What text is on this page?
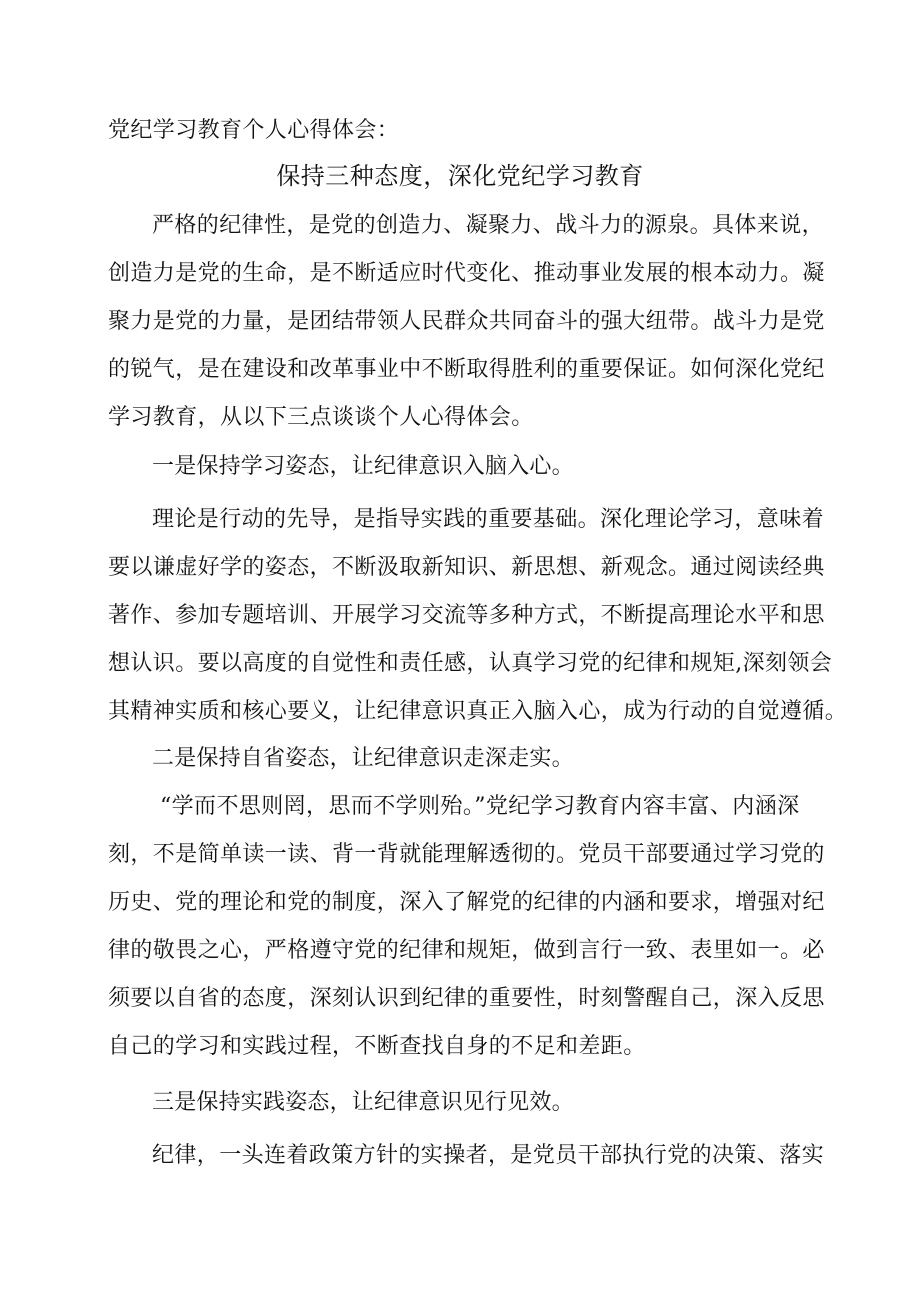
党纪学习教育个人心得体会：
保持三种态度，深化党纪学习教育
严格的纪律性，是党的创造力、凝聚力、战斗力的源泉。具体来说，
创造力是党的生命，是不断适应时代变化、推动事业发展的根本动力。凝
聚力是党的力量，是团结带领人民群众共同奋斗的强大纽带。战斗力是党
的锐气，是在建设和改革事业中不断取得胜利的重要保证。如何深化党纪
学习教育，从以下三点谈谈个人心得体会。
一是保持学习姿态，让纪律意识入脑入心。
理论是行动的先导，是指导实践的重要基础。深化理论学习，意味着
要以谦虚好学的姿态，不断汲取新知识、新思想、新观念。通过阅读经典
著作、参加专题培训、开展学习交流等多种方式，不断提高理论水平和思
想认识。要以高度的自觉性和责任感，认真学习党的纪律和规矩,深刻领会
其精神实质和核心要义，让纪律意识真正入脑入心，成为行动的自觉遵循。
二是保持自省姿态，让纪律意识走深走实。
“学而不思则罔，思而不学则殆。”党纪学习教育内容丰富、内涵深
刻，不是简单读一读、背一背就能理解透彻的。党员干部要通过学习党的
历史、党的理论和党的制度，深入了解党的纪律的内涵和要求，增强对纪
律的敬畏之心，严格遵守党的纪律和规矩，做到言行一致、表里如一。必
须要以自省的态度，深刻认识到纪律的重要性，时刻警醒自己，深入反思
自己的学习和实践过程，不断查找自身的不足和差距。
三是保持实践姿态，让纪律意识见行见效。
纪律，一头连着政策方针的实操者，是党员干部执行党的决策、落实
